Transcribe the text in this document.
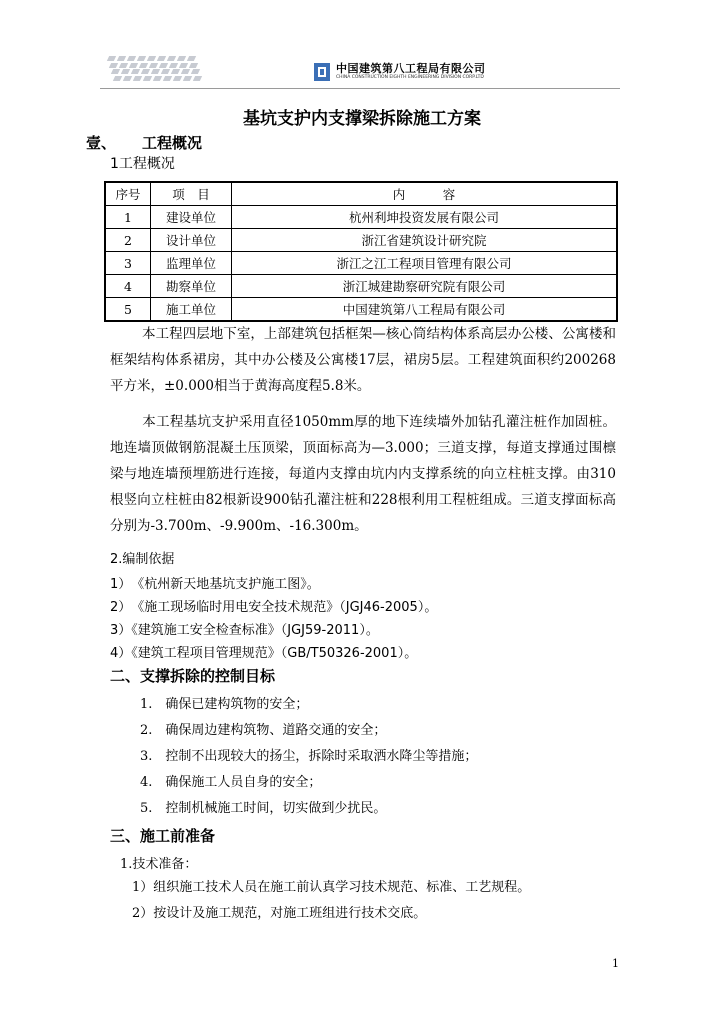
中国建筑第八工程局有限公司
CHINA CONSTRUCTION EIGHTH ENGINEERING DIVISION CORP.LTD
基坑支护内支撑梁拆除施工方案
壹、 工程概况
1工程概况
序号	项　目	内　　　容
1	建设单位	杭州利坤投资发展有限公司
2	设计单位	浙江省建筑设计研究院
3	监理单位	浙江之江工程项目管理有限公司
4	勘察单位	浙江城建勘察研究院有限公司
5	施工单位	中国建筑第八工程局有限公司
本工程四层地下室，上部建筑包括框架—核心筒结构体系高层办公楼、公寓楼和框架结构体系裙房，其中办公楼及公寓楼17层，裙房5层。工程建筑面积约200268平方米，±0.000相当于黄海高度程5.8米。
本工程基坑支护采用直径1050mm厚的地下连续墙外加钻孔灌注桩作加固桩。地连墙顶做钢筋混凝土压顶梁，顶面标高为—3.000；三道支撑，每道支撑通过围檩梁与地连墙预埋筋进行连接，每道内支撑由坑内内支撑系统的向立柱桩支撑。由310根竖向立柱桩由82根新设900钻孔灌注桩和228根利用工程桩组成。三道支撑面标高分别为-3.700m、-9.900m、-16.300m。
2.编制依据
1）　《杭州新天地基坑支护施工图》。
2）　《施工现场临时用电安全技术规范》（JGJ46-2005）。
3）《建筑施工安全检查标准》（JGJ59-2011）。
4）《建筑工程项目管理规范》（GB/T50326-2001）。
二、支撑拆除的控制目标
1.　确保已建构筑物的安全；
2.　确保周边建构筑物、道路交通的安全；
3.　控制不出现较大的扬尘，拆除时采取洒水降尘等措施；
4.　确保施工人员自身的安全；
5.　控制机械施工时间，切实做到少扰民。
三、施工前准备
1.技术准备：
1）组织施工技术人员在施工前认真学习技术规范、标准、工艺规程。
2）按设计及施工规范，对施工班组进行技术交底。
1
